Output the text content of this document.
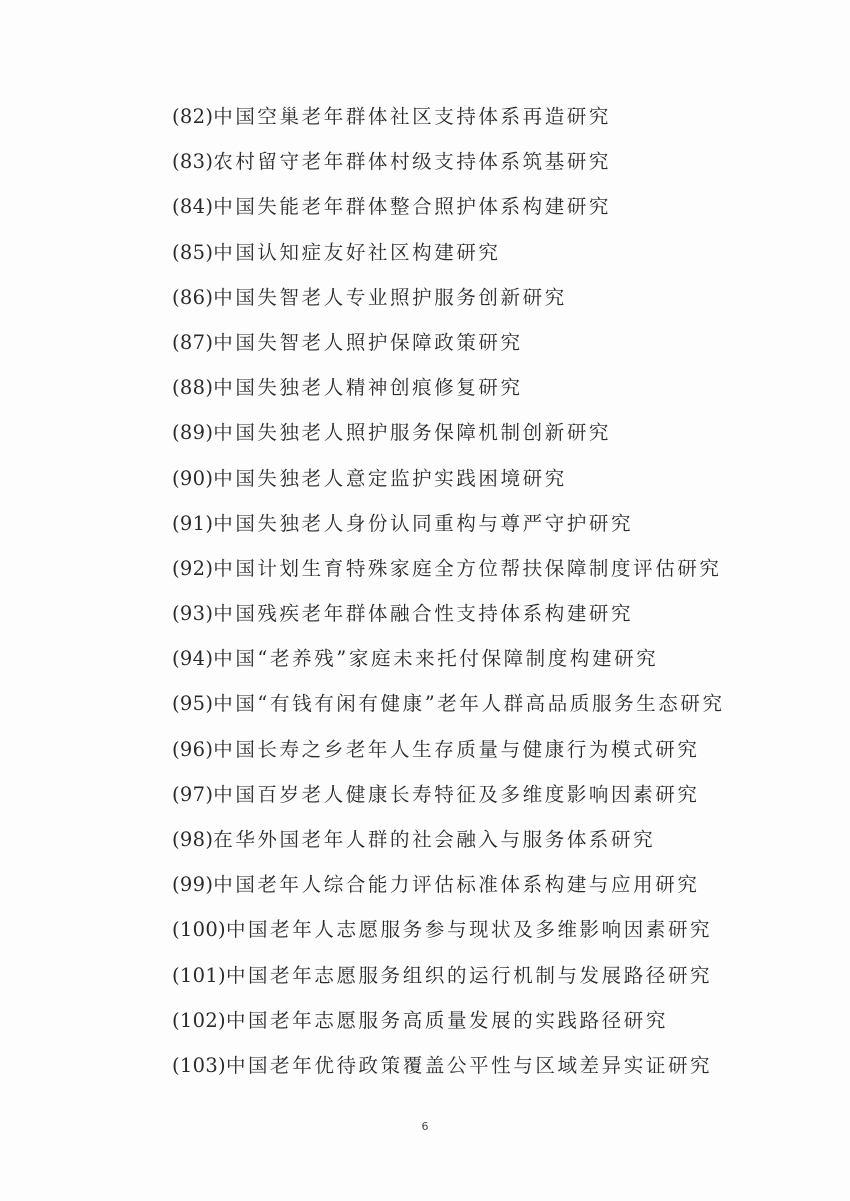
(82)中国空巢老年群体社区支持体系再造研究
(83)农村留守老年群体村级支持体系筑基研究
(84)中国失能老年群体整合照护体系构建研究
(85)中国认知症友好社区构建研究
(86)中国失智老人专业照护服务创新研究
(87)中国失智老人照护保障政策研究
(88)中国失独老人精神创痕修复研究
(89)中国失独老人照护服务保障机制创新研究
(90)中国失独老人意定监护实践困境研究
(91)中国失独老人身份认同重构与尊严守护研究
(92)中国计划生育特殊家庭全方位帮扶保障制度评估研究
(93)中国残疾老年群体融合性支持体系构建研究
(94)中国“老养残”家庭未来托付保障制度构建研究
(95)中国“有钱有闲有健康”老年人群高品质服务生态研究
(96)中国长寿之乡老年人生存质量与健康行为模式研究
(97)中国百岁老人健康长寿特征及多维度影响因素研究
(98)在华外国老年人群的社会融入与服务体系研究
(99)中国老年人综合能力评估标准体系构建与应用研究
(100)中国老年人志愿服务参与现状及多维影响因素研究
(101)中国老年志愿服务组织的运行机制与发展路径研究
(102)中国老年志愿服务高质量发展的实践路径研究
(103)中国老年优待政策覆盖公平性与区域差异实证研究
6
